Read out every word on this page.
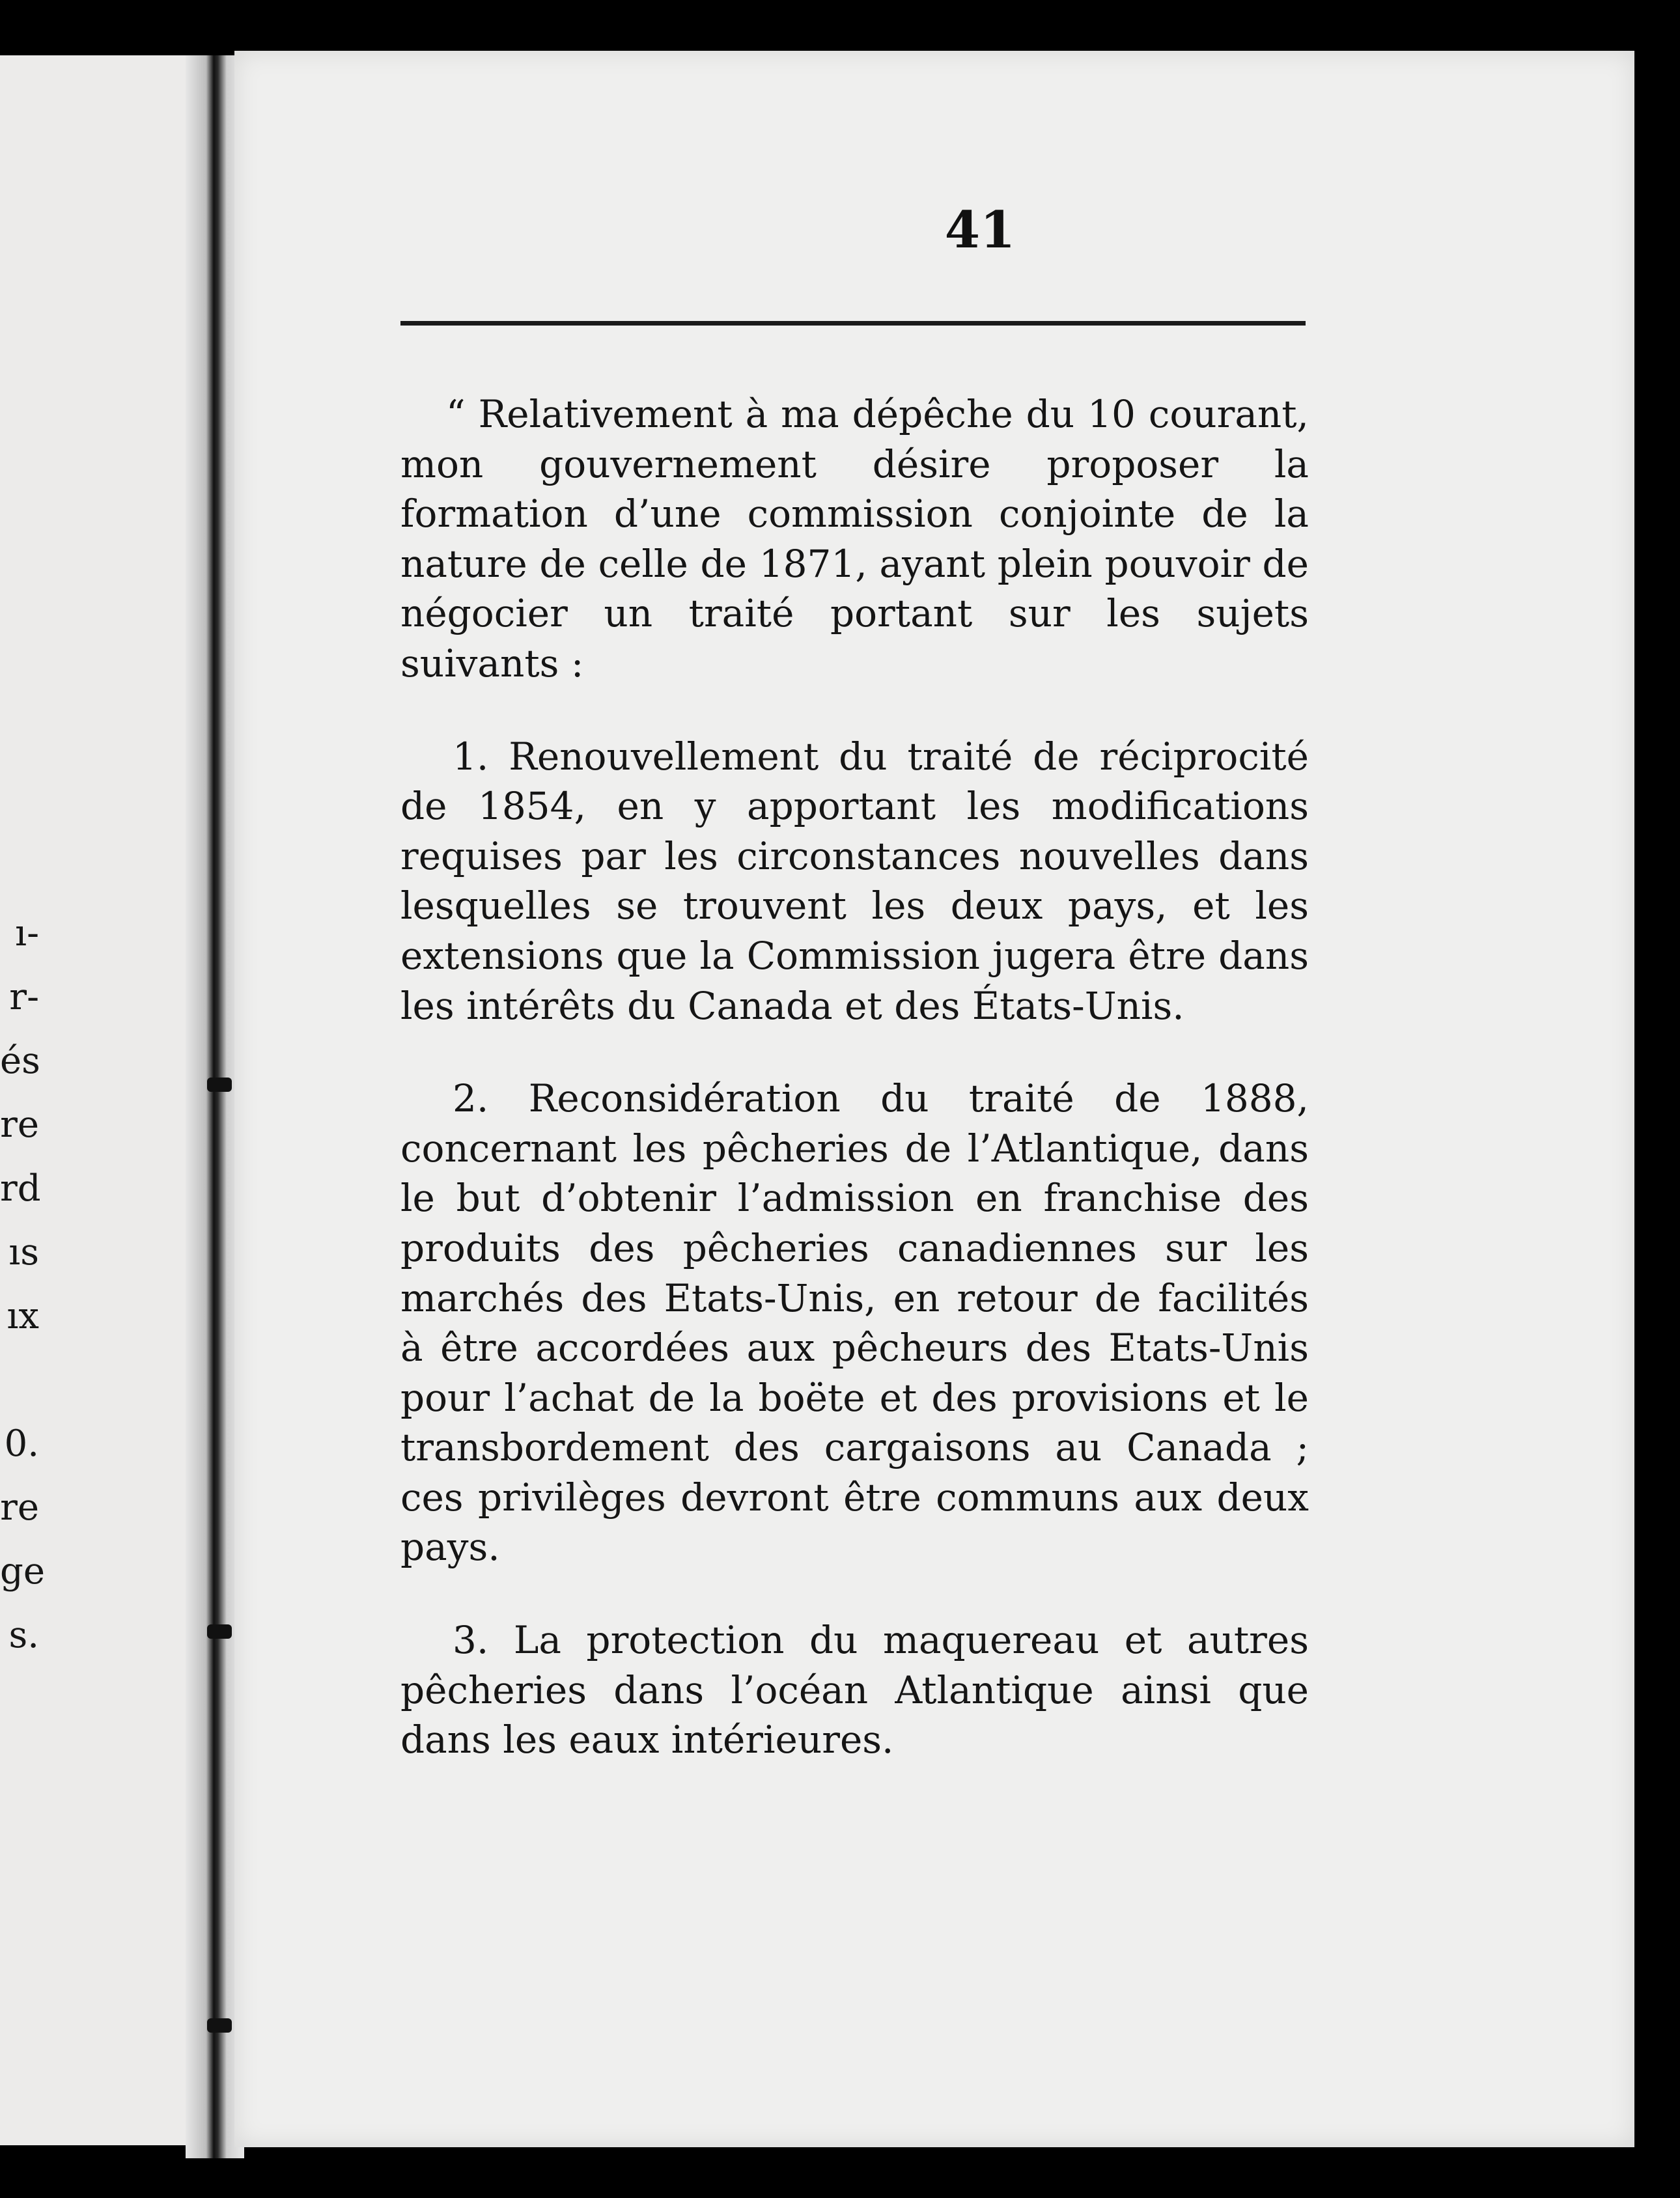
ı-
r-
és
re
rd
ıs
ıx

0.
re
ge
s.
41

“ Relativement à ma dépêche du 10 courant, mon gouvernement désire proposer la formation d’une commission conjointe de la nature de celle de 1871, ayant plein pouvoir de négocier un traité portant sur les sujets suivants :

1. Renouvellement du traité de réciprocité de 1854, en y apportant les modifications requises par les circonstances nouvelles dans lesquelles se trouvent les deux pays, et les extensions que la Commission jugera être dans les intérêts du Canada et des États-Unis.

2. Reconsidération du traité de 1888, concernant les pêcheries de l’Atlantique, dans le but d’obtenir l’admission en franchise des produits des pêcheries canadiennes sur les marchés des Etats-Unis, en retour de facilités à être accordées aux pêcheurs des Etats-Unis pour l’achat de la boëte et des provisions et le transbordement des cargaisons au Canada ; ces privilèges devront être communs aux deux pays.

3. La protection du maquereau et autres pêcheries dans l’océan Atlantique ainsi que dans les eaux intérieures.
